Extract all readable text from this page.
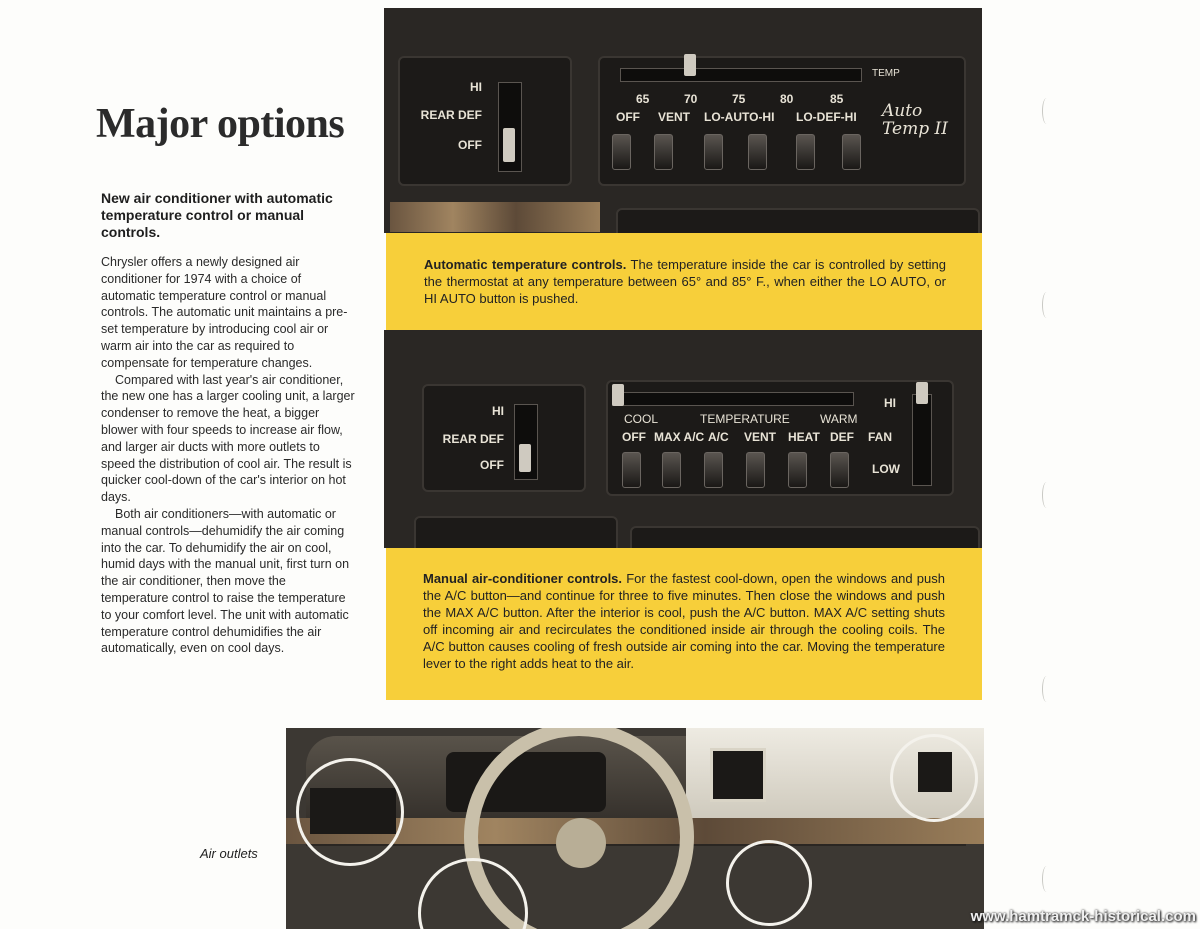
Major options
New air conditioner with automatic temperature control or manual controls.

Chrysler offers a newly designed air conditioner for 1974 with a choice of automatic temperature control or manual controls. The automatic unit maintains a pre-set temperature by introducing cool air or warm air into the car as required to compensate for temperature changes.

Compared with last year's air conditioner, the new one has a larger cooling unit, a larger condenser to remove the heat, a bigger blower with four speeds to increase air flow, and larger air ducts with more outlets to speed the distribution of cool air. The result is quicker cool-down of the car's interior on hot days.

Both air conditioners—with automatic or manual controls—dehumidify the air coming into the car. To dehumidify the air on cool, humid days with the manual unit, first turn on the air conditioner, then move the temperature control to raise the temperature to your comfort level. The unit with automatic temperature control dehumidifies the air automatically, even on cool days.

HI
REAR DEF
OFF
TEMP
65	70	75	80	85
OFF VENT LO-AUTO-HI LO-DEF-HI Auto Temp II
Automatic temperature controls. The temperature inside the car is controlled by setting the thermostat at any temperature between 65° and 85° F., when either the LO AUTO, or HI AUTO button is pushed.
HI
REAR DEF
OFF
COOL	TEMPERATURE	WARM
OFF MAX A/C A/C VENT HEAT DEF FAN
HI
LOW
Manual air-conditioner controls. For the fastest cool-down, open the windows and push the A/C button—and continue for three to five minutes. Then close the windows and push the MAX A/C button. After the interior is cool, push the A/C button. MAX A/C setting shuts off incoming air and recirculates the conditioned inside air through the cooling coils. The A/C button causes cooling of fresh outside air coming into the car. Moving the temperature lever to the right adds heat to the air.
Air outlets
www.hamtramck-historical.com
